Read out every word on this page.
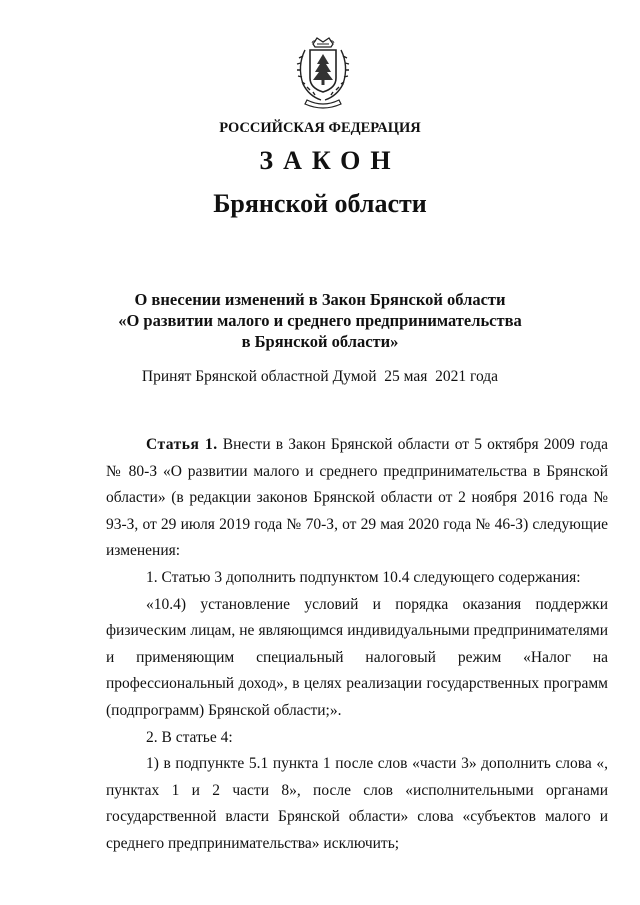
РОССИЙСКАЯ ФЕДЕРАЦИЯ
ЗАКОН
Брянской области
О внесении изменений в Закон Брянской области
«О развитии малого и среднего предпринимательства
в Брянской области»
Принят Брянской областной Думой  25 мая  2021 года

Статья 1. Внести в Закон Брянской области от 5 октября 2009 года № 80-З «О развитии малого и среднего предпринимательства в Брянской области» (в редакции законов Брянской области от 2 ноября 2016 года № 93-З, от 29 июля 2019 года № 70-З, от 29 мая 2020 года № 46-З) следующие изменения:

1. Статью 3 дополнить подпунктом 10.4 следующего содержания:

«10.4) установление условий и порядка оказания поддержки физическим лицам, не являющимся индивидуальными предпринимателями и применяющим специальный налоговый режим «Налог на профессиональный доход», в целях реализации государственных программ (подпрограмм) Брянской области;».

2. В статье 4:

1) в подпункте 5.1 пункта 1 после слов «части 3» дополнить слова «, пунктах 1 и 2 части 8», после слов «исполнительными органами государственной власти Брянской области» слова «субъектов малого и среднего предпринимательства» исключить;
